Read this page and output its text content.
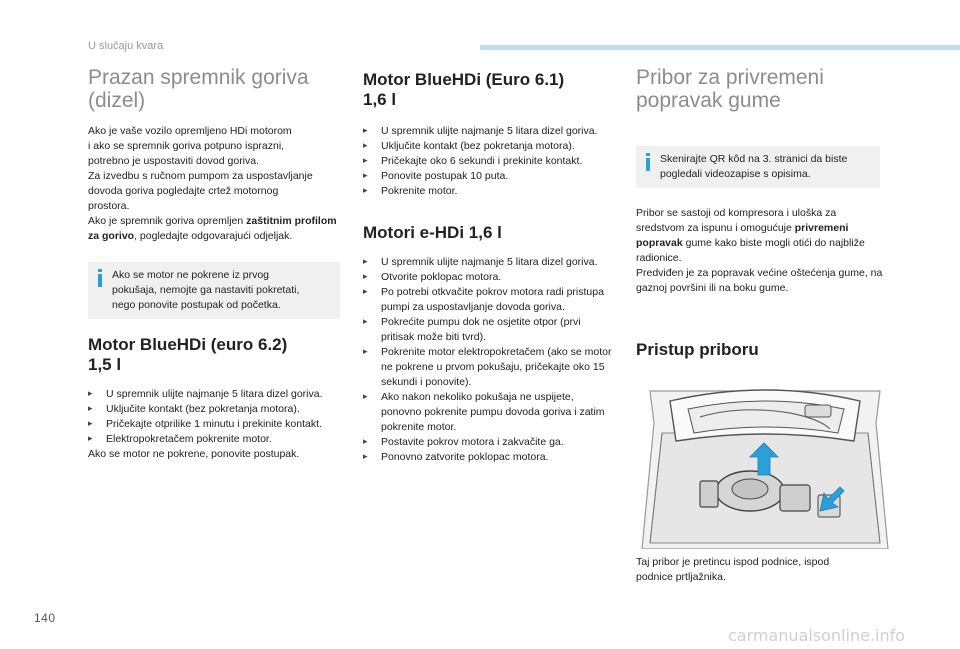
U slučaju kvara
Prazan spremnik goriva
(dizel)

Ako je vaše vozilo opremljeno HDi motorom
i ako se spremnik goriva potpuno isprazni,
potrebno je uspostaviti dovod goriva.
Za izvedbu s ručnom pumpom za uspostavljanje
dovoda goriva pogledajte crtež motornog
prostora.

Ako je spremnik goriva opremljen zaštitnim profilom za gorivo, pogledajte odgovarajući odjeljak.

Ako se motor ne pokrene iz prvog
pokušaja, nemojte ga nastaviti pokretati,
nego ponovite postupak od početka.
Motor BlueHDi (euro 6.2)
1,5 l
▸ U spremnik ulijte najmanje 5 litara dizel goriva.
▸ Uključite kontakt (bez pokretanja motora).
▸ Pričekajte otprilike 1 minutu i prekinite kontakt.
▸ Elektropokretačem pokrenite motor.
Ako se motor ne pokrene, ponovite postupak.
Motor BlueHDi (Euro 6.1)
1,6 l
▸ U spremnik ulijte najmanje 5 litara dizel goriva.
▸ Uključite kontakt (bez pokretanja motora).
▸ Pričekajte oko 6 sekundi i prekinite kontakt.
▸ Ponovite postupak 10 puta.
▸ Pokrenite motor.
Motori e-HDi 1,6 l
▸ U spremnik ulijte najmanje 5 litara dizel goriva.
▸ Otvorite poklopac motora.
▸ Po potrebi otkvačite pokrov motora radi pristupa pumpi za uspostavljanje dovoda goriva.
▸ Pokrećite pumpu dok ne osjetite otpor (prvi pritisak može biti tvrd).
▸ Pokrenite motor elektropokretačem (ako se motor ne pokrene u prvom pokušaju, pričekajte oko 15 sekundi i ponovite).
▸ Ako nakon nekoliko pokušaja ne uspijete, ponovno pokrenite pumpu dovoda goriva i zatim pokrenite motor.
▸ Postavite pokrov motora i zakvačite ga.
▸ Ponovno zatvorite poklopac motora.
Pribor za privremeni
popravak gume
Skenirajte QR kôd na 3. stranici da biste
pogledali videozapise s opisima.

Pribor se sastoji od kompresora i uloška za sredstvom za ispunu i omogućuje privremeni popravak gume kako biste mogli otići do najbliže radionice.

Predviđen je za popravak većine oštećenja gume, na gaznoj površini ili na boku gume.

Pristup priboru

Taj pribor je pretincu ispod podnice, ispod
podnice prtljažnika.

140
carmanualsonline.info
